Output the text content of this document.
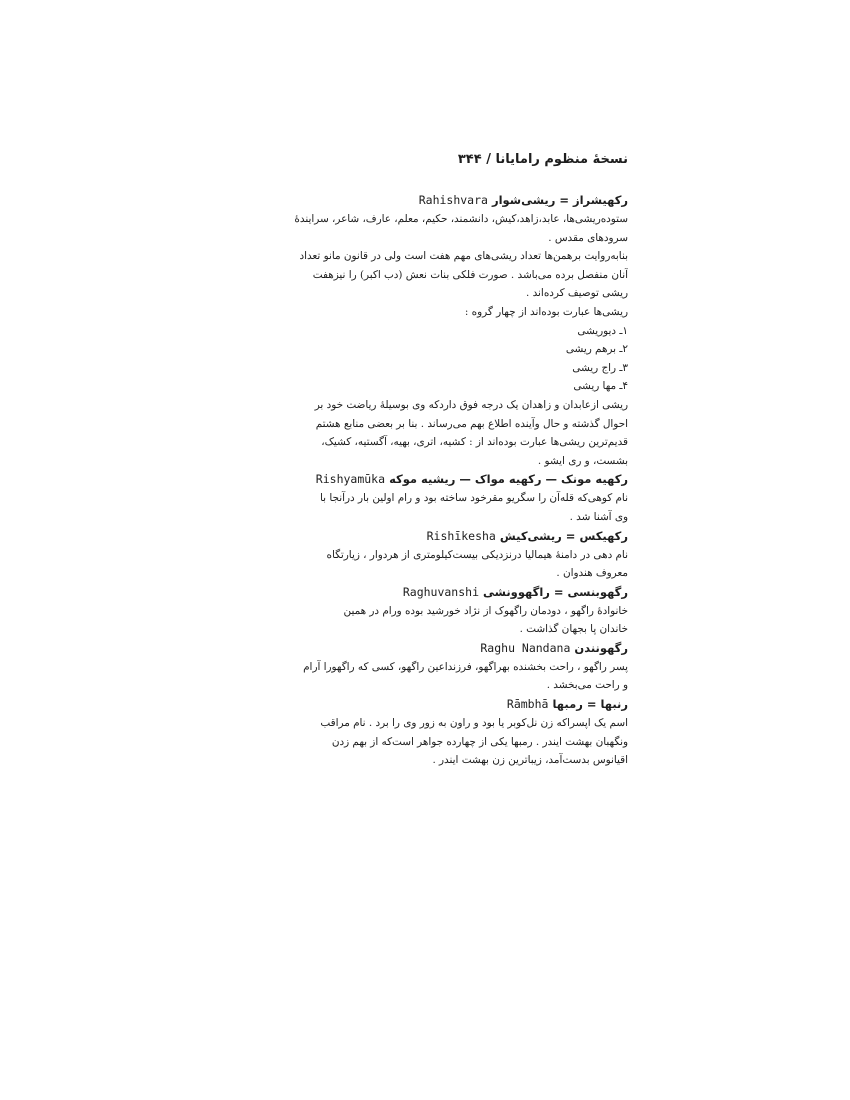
نسخهٔ منظوم رامایانا / ۳۴۴
رکهیشراز = ریشی‌شوار Rahishvara
ستوده‌ریشی‌ها، عابد،زاهد،کیش، دانشمند، حکیم، معلم، عارف، شاعر، سرایندهٔ
سرودهای مقدس .
بنابه‌روایت برهمن‌ها تعداد ریشی‌های مهم هفت است ولی در قانون مانو تعداد
آنان منفصل برده می‌باشد . صورت فلکی بنات نعش (دب اکبر) را نیزهفت
ریشی توصیف کرده‌اند .
ریشی‌ها عبارت بوده‌اند از چهار گروه :
۱ـ دیوریشی
۲ـ برهم ریشی
۳ـ راج ریشی
۴ـ مها ریشی
ریشی ازعابدان و زاهدان یک درجه فوق داردکه وی بوسیلهٔ ریاضت خود بر
احوال گذشته و حال وآینده اطلاع بهم می‌رساند . بنا بر بعضی منابع هشتم
قدیم‌ترین ریشی‌ها عبارت بوده‌اند از : کشیه، اتری، بهیه، آگستیه، کشیک،
بشست، و ری ایشو .
رکهیه مونک — رکهیه مواک — ریشیه موکه Rishyamūka
نام کوهی‌که قله‌آن را سگریو مقرخود ساخته بود و رام اولین بار درآنجا با
وی آشنا شد .
رکهیکس = ریشی‌کیش Rishīkesha
نام دهی در دامنهٔ هیمالیا درنزدیکی بیست‌کیلومتری از هردوار ، زیارتگاه
معروف هندوان .
رگهوبنسی = راگهوونشی Raghuvanshi
خانوادهٔ راگهو ، دودمان راگهوک از نژاد خورشید بوده ورام در همین
خاندان پا بجهان گذاشت .
رگهونندن Raghu Nandana
پسر راگهو ، راحت بخشنده بهراگهو، فرزنداعین راگهو، کسی که راگهورا آرام
و راحت می‌بخشد .
رنبها = رمبها Rāmbhā
اسم یک اپسراکه زن نل‌کوبر یا بود و راون به زور وی را برد . نام مراقب
ونگهبان بهشت ایندر . رمبها یکی از چهارده جواهر است‌که از بهم زدن
اقیانوس بدست‌آمد، زیباترین زن بهشت ایندر .
